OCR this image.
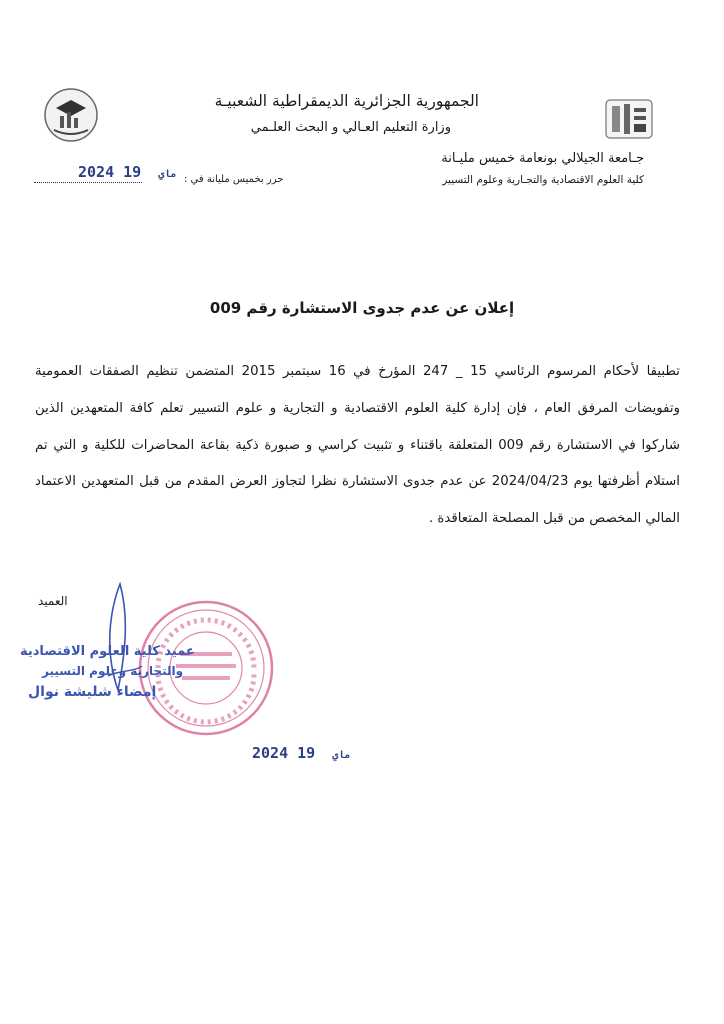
الجمهورية الجزائرية الديمقراطية الشعبيـة
وزارة التعليم العـالي و البحث العلـمي
جـامعة الجيلالي بونعامة خميس مليـانة
كلية العلوم الاقتصادية والتجـارية وعلوم التسيير
حرر بخميس مليانة في :
2024	ماي 19
إعلان عن عدم جدوى الاستشارة رقم 009
تطبيقا لأحكام المرسوم الرئاسي 15 _ 247 المؤرخ في 16 سبتمبر 2015 المتضمن تنظيم الصفقات العمومية وتفويضات المرفق العام ، فإن إدارة كلية العلوم الاقتصادية و التجارية و علوم التسيير تعلم كافة المتعهدين الذين شاركوا في الاستشارة رقم 009 المتعلقة باقتناء و تثبيت كراسي و صبورة ذكية بقاعة المحاضرات للكلية و التي تم استلام أظرفتها يوم 2024/04/23 عن عدم جدوى الاستشارة نظرا لتجاوز العرض المقدم من قبل المتعهدين الاعتماد المالي المخصص من قبل المصلحة المتعاقدة .
العميد
عميد كلية العلوم الاقتصادية
والتجارية وعلوم التسيير
إمضاء شليشة نوال
2024	ماي 19
